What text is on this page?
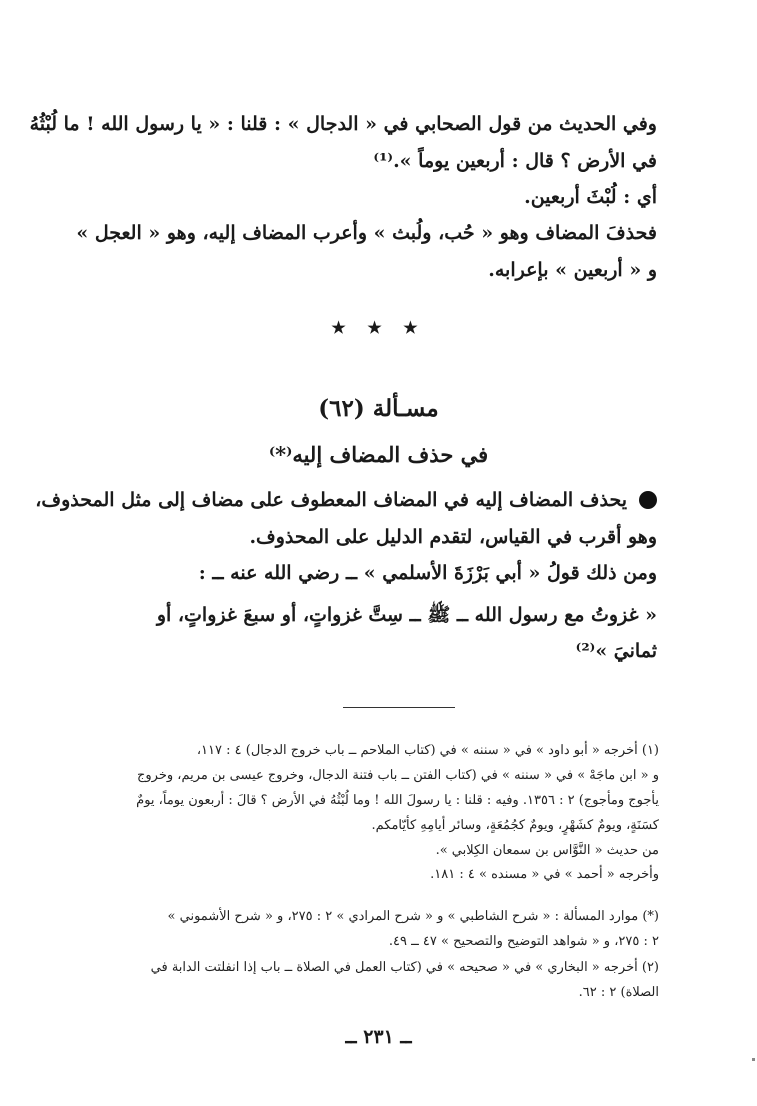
وفي الحديث من قول الصحابي في « الدجال » : قلنا : « يا رسول الله ! ما لُبْثُهُ
في الأرض ؟ قال : أربعين يوماً ».⁽¹⁾
أي : لُبْثَ أربعين.
فحذفَ المضاف وهو « حُب، ولُبث » وأعرب المضاف إليه، وهو « العجل »
و « أربعين » بإعرابه.
★ ★ ★
مسـألة (٦٢)
في حذف المضاف إليه⁽*⁾
يحذف المضاف إليه في المضاف المعطوف على مضاف إلى مثل المحذوف،
وهو أقرب في القياس، لتقدم الدليل على المحذوف.
ومن ذلك قولُ « أبي بَرْزَةَ الأسلمي » ــ رضي الله عنه ــ :
« غزوتُ مع رسول الله ــ ﷺ ــ سِتَّ غزواتٍ، أو سبعَ غزواتٍ، أو
ثمانيَ »⁽²⁾
(١) أخرجه « أبو داود » في « سننه » في (كتاب الملاحم ــ باب خروج الدجال) ٤ : ١١٧،
و « ابن ماجَهْ » في « سننه » في (كتاب الفتن ــ باب فتنة الدجال، وخروج عيسى بن مريم، وخروج
يأجوج ومأجوج) ٢ : ١٣٥٦. وفيه : قلنا : يا رسولَ الله ! وما لُبْثُهُ في الأرض ؟ قالَ : أربعون يوماً، يومٌ
كسَنَةٍ، ويومٌ كشَهْرٍ، ويومٌ كجُمُعَةٍ، وسائر أيامِهِ كأيّامكم.
من حديث « النَّوَّاس بن سمعان الكِلابي ».
وأخرجه « أحمد » في « مسنده » ٤ : ١٨١.
(*) موارد المسألة : « شرح الشاطبي » و « شرح المرادي » ٢ : ٢٧٥، و « شرح الأشموني »
٢ : ٢٧٥، و « شواهد التوضيح والتصحيح » ٤٧ ــ ٤٩.
(٢) أخرجه « البخاري » في « صحيحه » في (كتاب العمل في الصلاة ــ باب إذا انفلتت الدابة في
الصلاة) ٢ : ٦٢.
ــ ٢٣١ ــ
